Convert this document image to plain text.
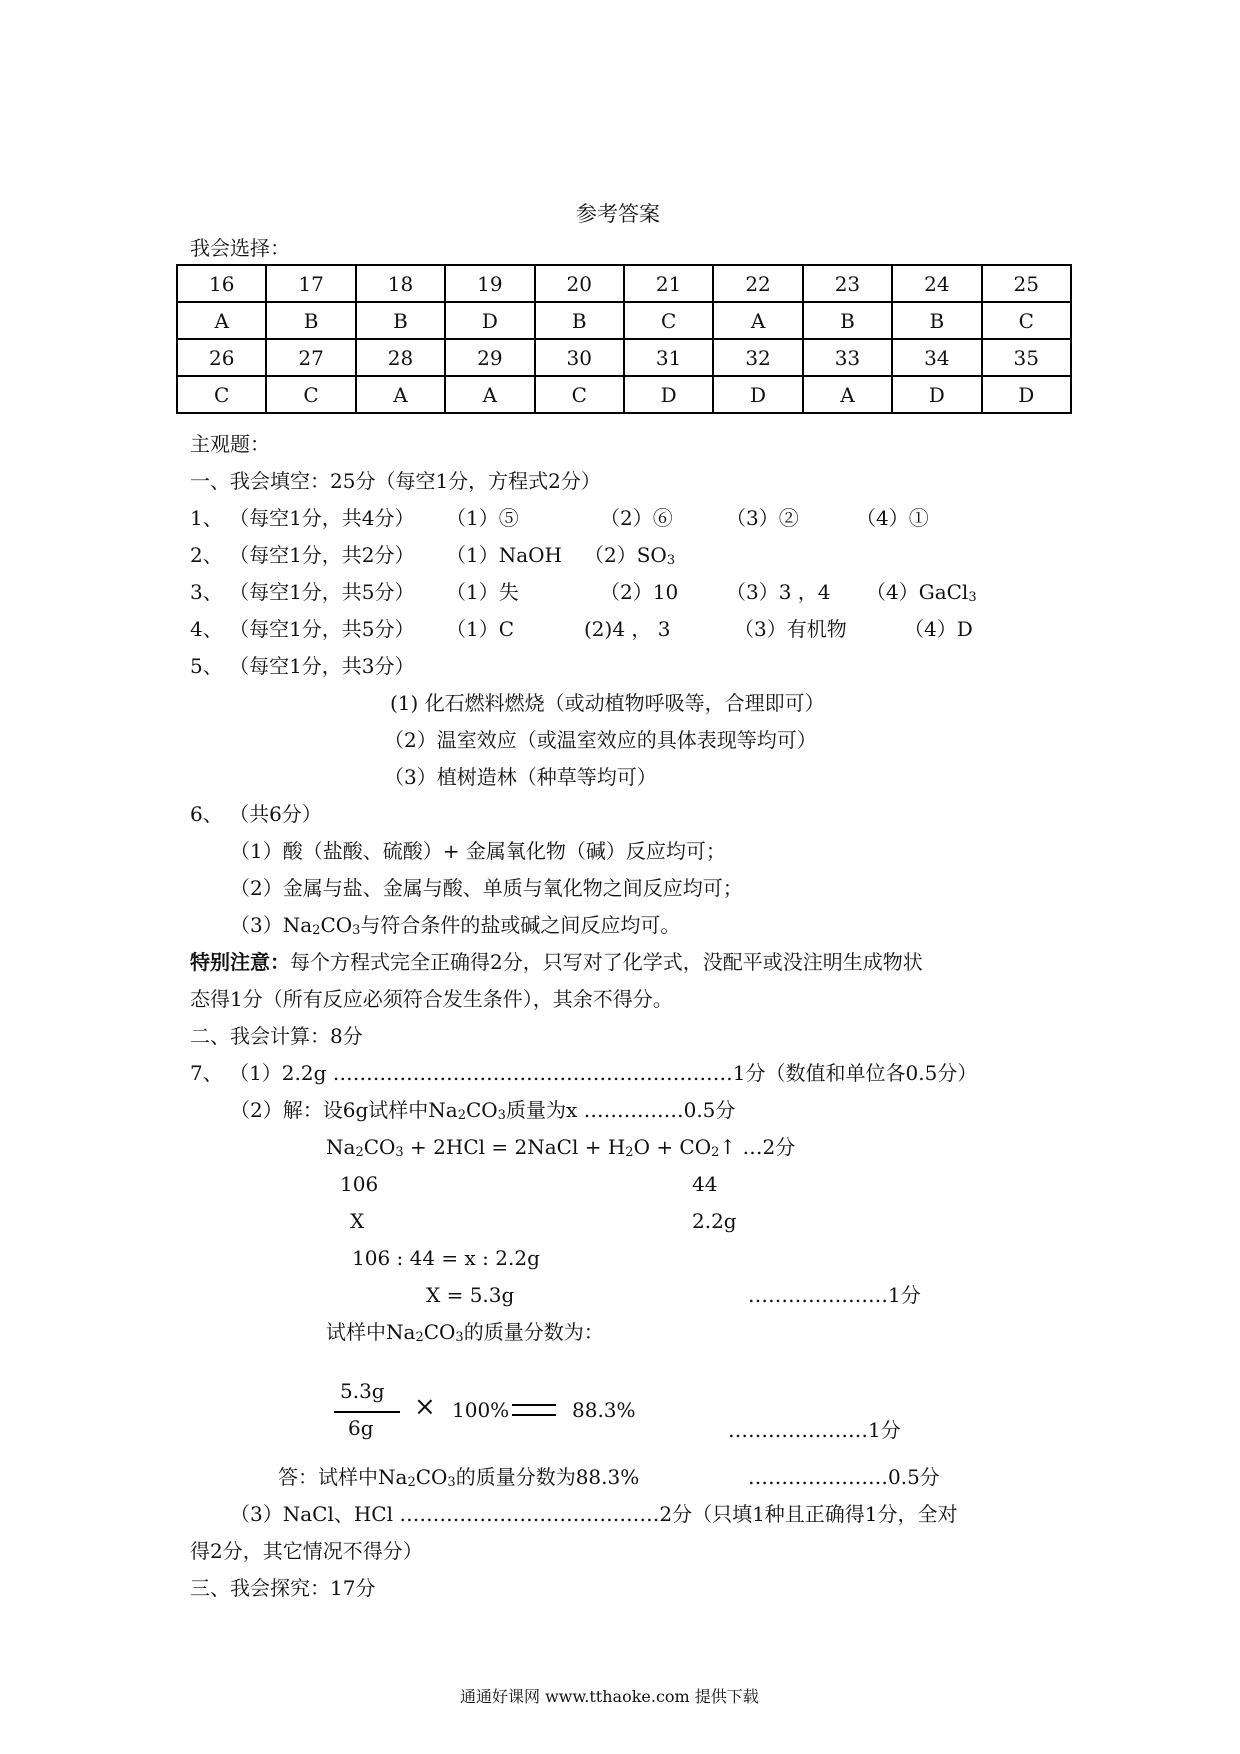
参考答案
我会选择：
16	17	18	19	20	21	22	23	24	25
A	B	B	D	B	C	A	B	B	C
26	27	28	29	30	31	32	33	34	35
C	C	A	A	C	D	D	A	D	D
主观题：
一、我会填空：25分（每空1分，方程式2分）
1、 （每空1分，共4分） （1）⑤	（2）⑥	（3）②	（4）①
2、 （每空1分，共2分） （1）NaOH $(2)SO_3$
3、 （每空1分，共5分） （1）失	（2）10 （3）3 ，4 （4）GaCl$_3$
4、 （每空1分，共5分） （1）C	(2)4 ， 3	（3）有机物	（4）D
5、 （每空1分，共3分）
(1) 化石燃料燃烧（或动植物呼吸等，合理即可）
（2）温室效应（或温室效应的具体表现等均可）
（3）植树造林（种草等均可）
6、 （共6分）
（1）酸（盐酸、硫酸）+ 金属氧化物（碱）反应均可；
（2）金属与盐、金属与酸、单质与氧化物之间反应均可；
$(3)Na_2CO_3$与符合条件的盐或碱之间反应均可。
特别注意：每个方程式完全正确得2分，只写对了化学式，没配平或没注明生成物状
态得1分（所有反应必须符合发生条件），其余不得分。
二、我会计算：8分
7、 （1）2.2g ……………………………………………………1分（数值和单位各0.5分）
（2）解：设6g试样中$Na_2CO_3$质量为x ……………0.5分
$Na_2CO_3 + 2HCl$ = 2NaCl + $H_2O$ + $CO_2↑$ …2分
106	44
X	2.2g
106 : 44 = x : 2.2g
X = 5.3g	…………………1分
试样中$Na_2CO_3$的质量分数为：
5.3g
6g
× 100%	88.3%
…………………1分
答：试样中$Na_2CO_3$的质量分数为88.3%	…………………0.5分
（3）NaCl、HCl …………………………………2分（只填1种且正确得1分，全对
得2分，其它情况不得分）
三、我会探究：17分
通通好课网 www.tthaoke.com 提供下载
